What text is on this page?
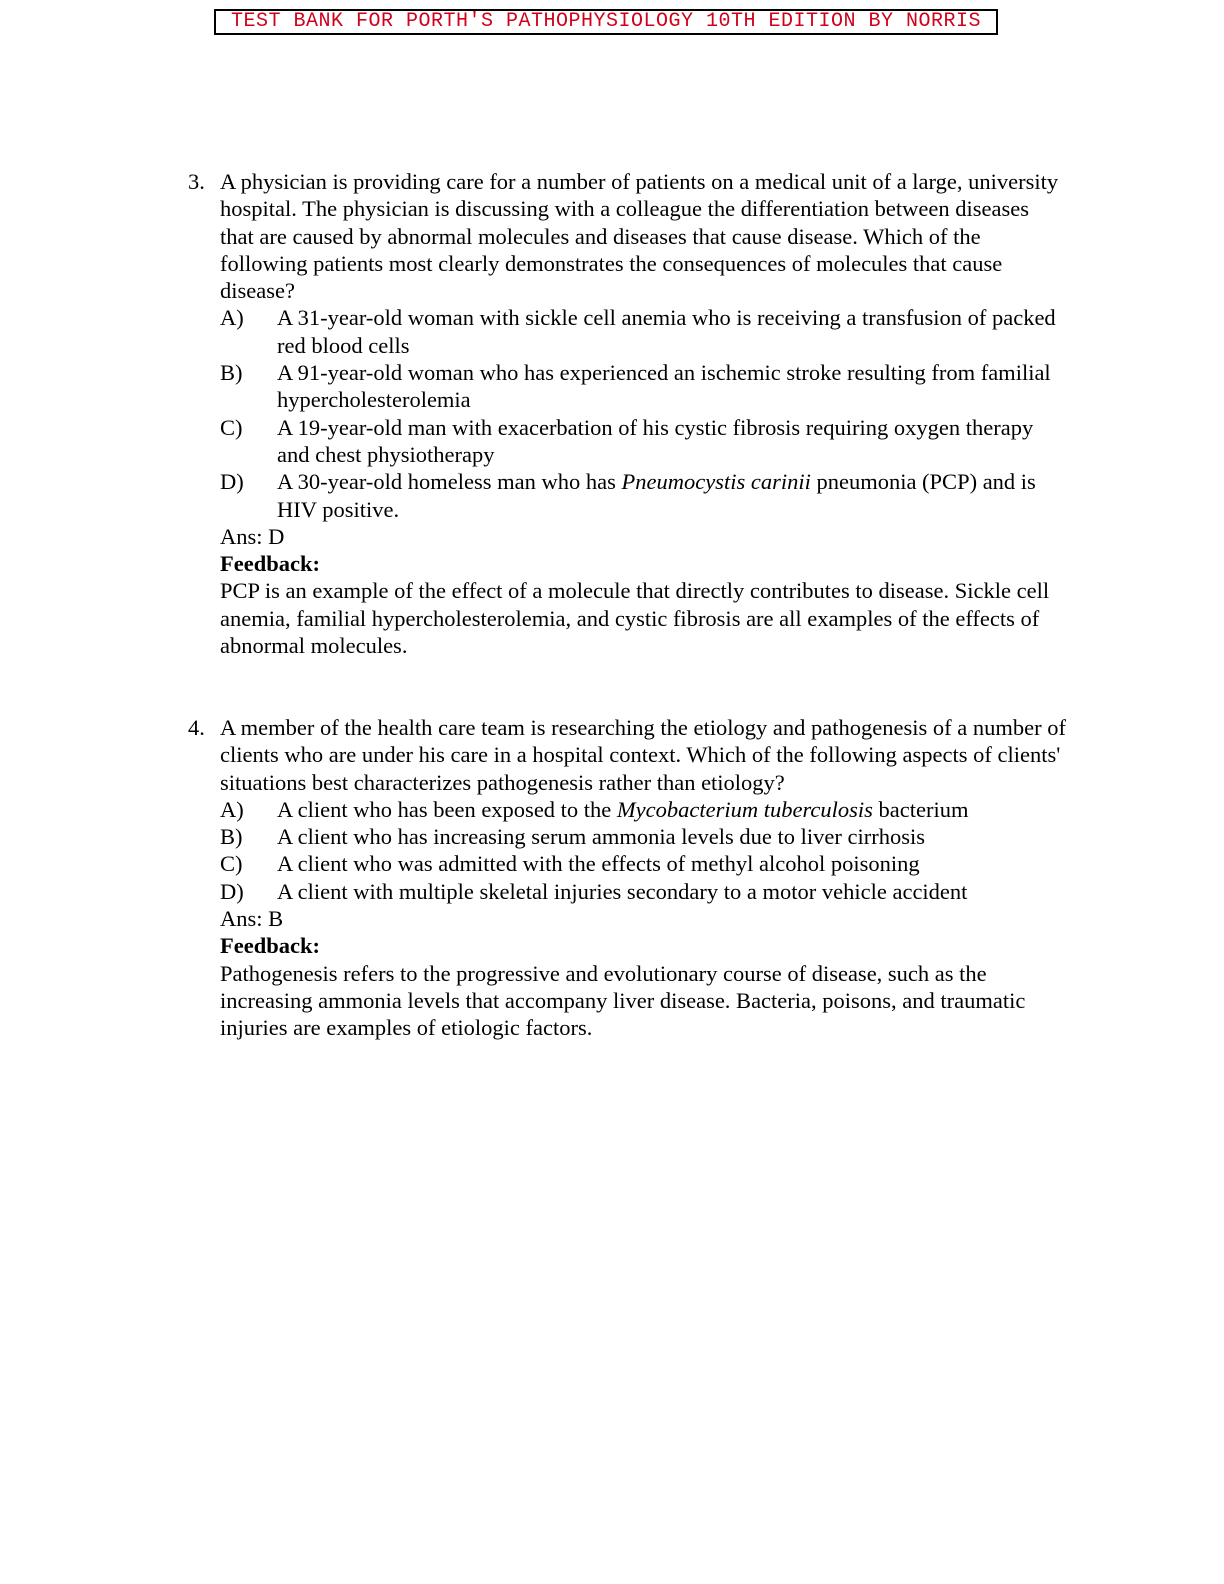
TEST BANK FOR PORTH'S PATHOPHYSIOLOGY 10TH EDITION BY NORRIS
3. A physician is providing care for a number of patients on a medical unit of a large, university hospital. The physician is discussing with a colleague the differentiation between diseases that are caused by abnormal molecules and diseases that cause disease. Which of the following patients most clearly demonstrates the consequences of molecules that cause disease?
A) A 31-year-old woman with sickle cell anemia who is receiving a transfusion of packed red blood cells
B) A 91-year-old woman who has experienced an ischemic stroke resulting from familial hypercholesterolemia
C) A 19-year-old man with exacerbation of his cystic fibrosis requiring oxygen therapy and chest physiotherapy
D) A 30-year-old homeless man who has Pneumocystis carinii pneumonia (PCP) and is HIV positive.
Ans: D
Feedback:
PCP is an example of the effect of a molecule that directly contributes to disease. Sickle cell anemia, familial hypercholesterolemia, and cystic fibrosis are all examples of the effects of abnormal molecules.
4. A member of the health care team is researching the etiology and pathogenesis of a number of clients who are under his care in a hospital context. Which of the following aspects of clients' situations best characterizes pathogenesis rather than etiology?
A) A client who has been exposed to the Mycobacterium tuberculosis bacterium
B) A client who has increasing serum ammonia levels due to liver cirrhosis
C) A client who was admitted with the effects of methyl alcohol poisoning
D) A client with multiple skeletal injuries secondary to a motor vehicle accident
Ans: B
Feedback:
Pathogenesis refers to the progressive and evolutionary course of disease, such as the increasing ammonia levels that accompany liver disease. Bacteria, poisons, and traumatic injuries are examples of etiologic factors.
